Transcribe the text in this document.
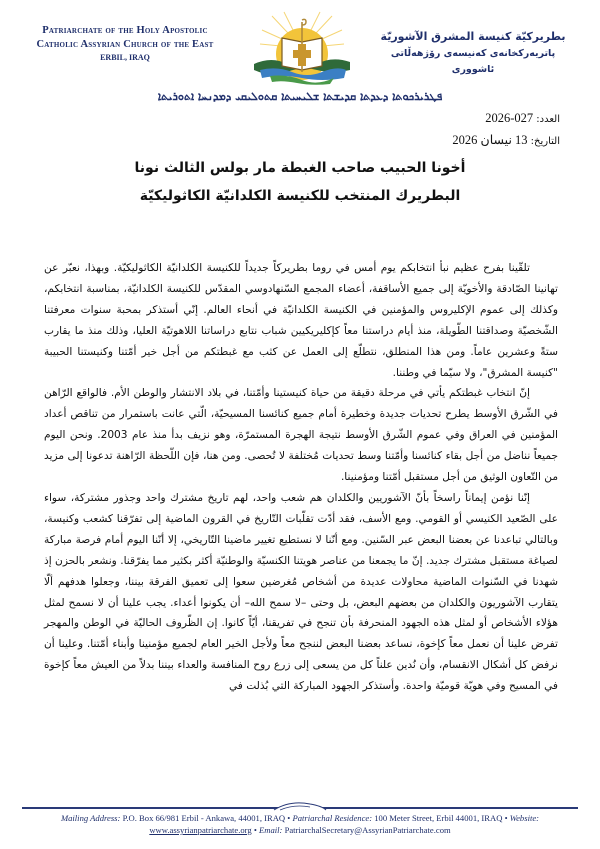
Patriarchate of the Holy Apostolic
Catholic Assyrian Church of the East
ERBIL, IRAQ
بطريركيّة كنيسة المشرق الآشوريّة
پاتریەرکخانەی کەنیسەی رۆژهەڵاتی ئاشووری
ܦܛܪܝܪܟܘܬܐ ܕܥܕܬܐ ܩܕܝܫܬܐ ܫܠܝܚܝܬܐ ܩܬܘܠܝܩܝ ܕܡܕܢܚܐ ܐܬܘܪܝܬܐ
العدد: 2026-027
التاريخ: 13 نيسان 2026
أخونا الحبيب صاحب الغبطة مار بولس الثالث نونا
البطريرك المنتخب للكنيسة الكلدانيّة الكاثوليكيّة

تلقّينا بفرح عظيم نبأ انتخابكم يوم أمس في روما بطريركاً جديداً للكنيسة الكلدانيّة الكاثوليكيّة. وبهذا، نعبّر عن تهانينا الصّادقة والأخويّة إلى جميع الأساقفة، أعضاء المجمع السّنهادوسي المقدّس للكنيسة الكلدانيّة، بمناسبة انتخابكم، وكذلك إلى عموم الإكليروس والمؤمنين في الكنيسة الكلدانيّة في أنحاء العالم. إنّي أستذكر بمحبة سنوات معرفتنا الشّخصيّة وصداقتنا الطّويلة، منذ أيام دراستنا معاً كإكليريكيين شباب نتابع دراساتنا اللاهوتيّة العليا، وذلك منذ ما يقارب ستةً وعشرين عاماً. ومن هذا المنطلق، نتطلّع إلى العمل عن كثب مع غبطتكم من أجل خير أمّتنا وكنيستنا الحبيبة "كنيسة المشرق"، ولا سيّما في وطننا.

إنّ انتخاب غبطتكم يأتي في مرحلة دقيقة من حياة كنيستينا وأمّتنا، في بلاد الانتشار والوطن الأم. فالواقع الرّاهن في الشّرق الأوسط يطرح تحديات جديدة وخطيرة أمام جميع كنائسنا المسيحيّة، الّتي عانت باستمرار من تناقص أعداد المؤمنين في العراق وفي عموم الشّرق الأوسط نتيجة الهجرة المستمرّة، وهو نزيف بدأ منذ عام 2003. ونحن اليوم جميعاً نناضل من أجل بقاء كنائسنا وأمّتنا وسط تحديات مُختلفة لا تُحصى. ومن هنا، فإن اللّحظة الرّاهنة تدعونا إلى مزيد من التّعاون الوثيق من أجل مستقبل أمّتنا ومؤمنينا.

إنّنا نؤمن إيماناً راسخاً بأنّ الآشوريين والكلدان هم شعب واحد، لهم تاريخ مشترك واحد وجذور مشتركة، سواء على الصّعيد الكنيسي أو القومي. ومع الأسف، فقد أدّت تقلّبات التّاريخ في القرون الماضية إلى تفرّقنا كشعب وكنيسة، وبالتالي تباعدنا عن بعضنا البعض عبر السّنين. ومع أنّنا لا نستطيع تغيير ماضينا التّاريخي، إلا أنّنا اليوم أمام فرصة مباركة لصياغة مستقبل مشترك جديد. إنّ ما يجمعنا من عناصر هويتنا الكنسيّة والوطنيّة أكثر بكثير مما يفرّقنا. ونشعر بالحزن إذ شهدنا في السّنوات الماضية محاولات عديدة من أشخاص مُغرضين سعوا إلى تعميق الفرقة بيننا، وجعلوا هدفهم ألّا يتقارب الآشوريون والكلدان من بعضهم البعض، بل وحتى –لا سمح الله– أن يكونوا أعداء. يجب علينا أن لا نسمح لمثل هؤلاء الأشخاص أو لمثل هذه الجهود المنحرفة بأن تنجح في تفريقنا، أيّاً كانوا. إن الظّروف الحاليّة في الوطن والمهجر تفرض علينا أن نعمل معاً كإخوة، نساعد بعضنا البعض لننجح معاً ولأجل الخير العام لجميع مؤمنينا وأبناء أمّتنا. وعلينا أن نرفض كل أشكال الانقسام، وأن نُدين علناً كل من يسعى إلى زرع روح المنافسة والعداء بيننا بدلاً من العيش معاً كإخوة في المسيح وفي هويّة قوميّة واحدة. وأستذكر الجهود المباركة التي بُذلت في

Mailing Address: P.O. Box 66/981 Erbil - Ankawa, 44001, IRAQ • Patriarchal Residence: 100 Meter Street, Erbil 44001, IRAQ • Website:
www.assyrianpatriarchate.org • Email: PatriarchalSecretary@AssyrianPatriarchate.com
